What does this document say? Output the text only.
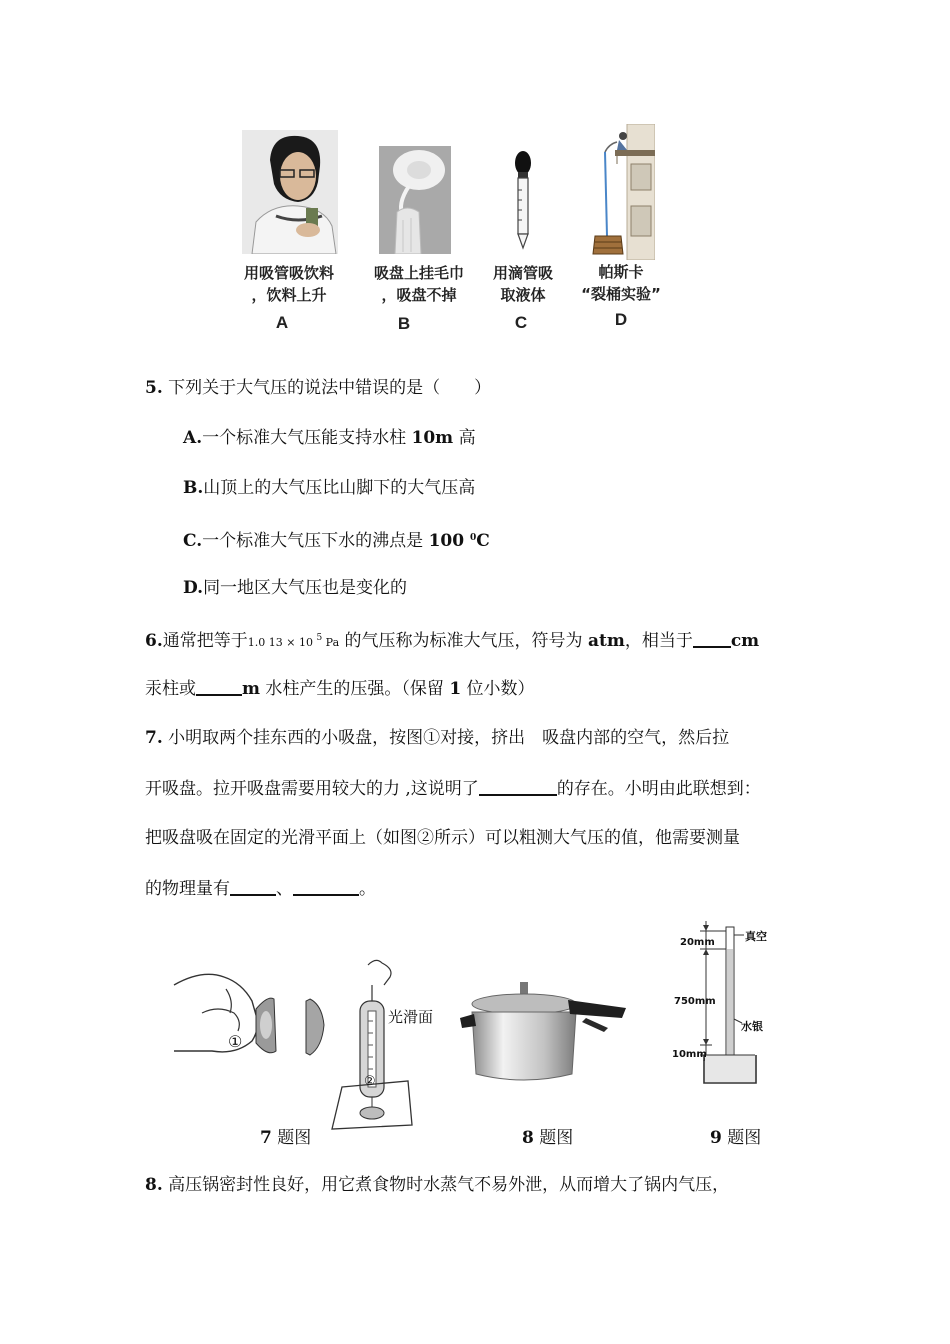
用吸管吸饮料
，饮料上升
A
吸盘上挂毛巾
，吸盘不掉
B
用滴管吸
取液体
C
帕斯卡
“裂桶实验”
D
5. 下列关于大气压的说法中错误的是（　　）
A.一个标准大气压能支持水柱 10m 高
B.山顶上的大气压比山脚下的大气压高
C.一个标准大气压下水的沸点是 100 $^0$C
D.同一地区大气压也是变化的
6.通常把等于1.0 13 × 10 $^5$ Pa 的气压称为标准大气压，符号为 atm，相当于 cm
汞柱或	m 水柱产生的压强。（保留 1 位小数）
7. 小明取两个挂东西的小吸盘，按图①对接，挤出　吸盘内部的空气，然后拉
开吸盘。拉开吸盘需要用较大的力 ,这说明了	的存在。小明由此联想到：
把吸盘吸在固定的光滑平面上（如图②所示）可以粗测大气压的值，他需要测量
的物理量有	、	。
①
光滑面
②
真空
20mm
750mm
水银
10mm
7 题图	8 题图	9 题图
8. 高压锅密封性良好，用它煮食物时水蒸气不易外泄，从而增大了锅内气压，
